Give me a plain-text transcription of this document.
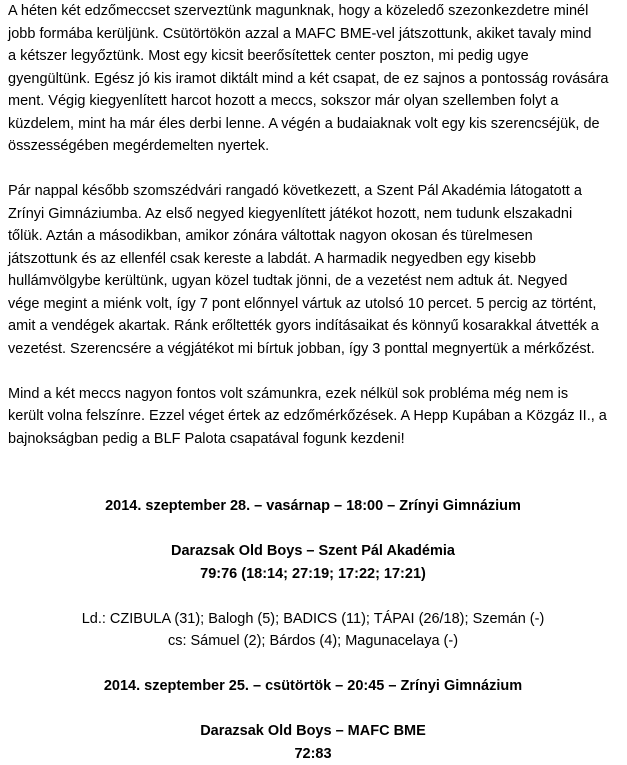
A héten két edzőmeccset szerveztünk magunknak, hogy a közeledő szezonkezdetre minél
jobb formába kerüljünk. Csütörtökön azzal a MAFC BME-vel játszottunk, akiket tavaly mind
a kétszer legyőztünk. Most egy kicsit beerősítettek center poszton, mi pedig ugye
gyengültünk. Egész jó kis iramot diktált mind a két csapat, de ez sajnos a pontosság rovására
ment. Végig kiegyenlített harcot hozott a meccs, sokszor már olyan szellemben folyt a
küzdelem, mint ha már éles derbi lenne. A végén a budaiaknak volt egy kis szerencséjük, de
összességében megérdemelten nyertek.
Pár nappal később szomszédvári rangadó következett, a Szent Pál Akadémia látogatott a
Zrínyi Gimnáziumba. Az első negyed kiegyenlített játékot hozott, nem tudunk elszakadni
tőlük. Aztán a másodikban, amikor zónára váltottak nagyon okosan és türelmesen
játszottunk és az ellenfél csak kereste a labdát. A harmadik negyedben egy kisebb
hullámvölgybe kerültünk, ugyan közel tudtak jönni, de a vezetést nem adtuk át. Negyed
vége megint a miénk volt, így 7 pont előnnyel vártuk az utolsó 10 percet. 5 percig az történt,
amit a vendégek akartak. Ránk erőltették gyors indításaikat és könnyű kosarakkal átvették a
vezetést. Szerencsére a végjátékot mi bírtuk jobban, így 3 ponttal megnyertük a mérkőzést.
Mind a két meccs nagyon fontos volt számunkra, ezek nélkül sok probléma még nem is
került volna felszínre. Ezzel véget értek az edzőmérkőzések. A Hepp Kupában a Közgáz II., a
bajnokságban pedig a BLF Palota csapatával fogunk kezdeni!
2014. szeptember 28. – vasárnap – 18:00 – Zrínyi Gimnázium
Darazsak Old Boys – Szent Pál Akadémia
79:76 (18:14; 27:19; 17:22; 17:21)
Ld.: CZIBULA (31); Balogh (5); BADICS (11); TÁPAI (26/18); Szemán (-)
cs: Sámuel (2); Bárdos (4); Magunacelaya (-)
2014. szeptember 25. – csütörtök – 20:45 – Zrínyi Gimnázium
Darazsak Old Boys – MAFC BME
72:83
